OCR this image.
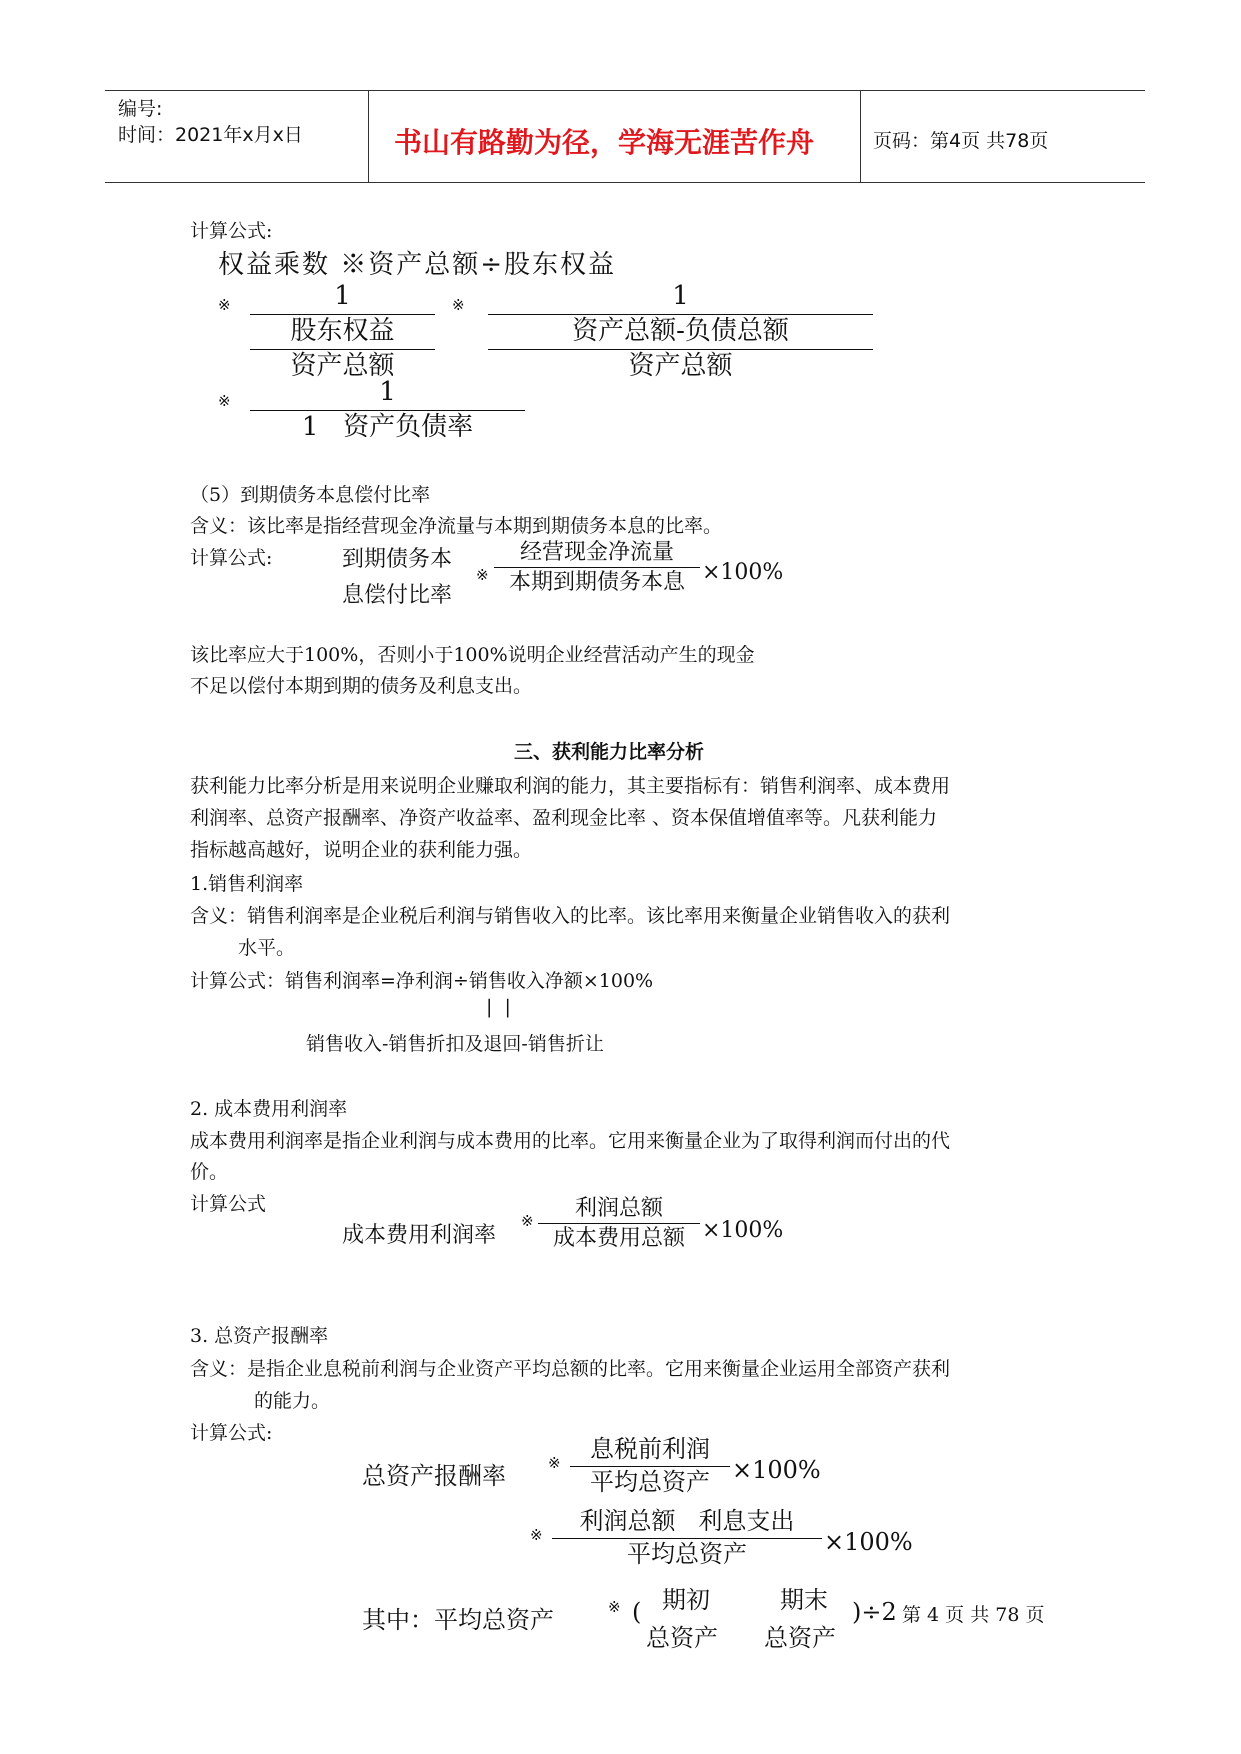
编号:
时间：2021年x月x日	书山有路勤为径，学海无涯苦作舟	页码：第4页 共78页
计算公式:
权益乘数 ※资产总额÷股东权益
※	1
股东权益
资产总额
※	1
资产总额-负债总额
资产总额
※	1
1   资产负债率
（5）到期债务本息偿付比率
含义：该比率是指经营现金净流量与本期到期债务本息的比率。
计算公式:	到期债务本
息偿付比率
※
经营现金净流量
本期到期债务本息 ×100%
该比率应大于100%，否则小于100%说明企业经营活动产生的现金
不足以偿付本期到期的债务及利息支出。
三、获利能力比率分析
获利能力比率分析是用来说明企业赚取利润的能力，其主要指标有：销售利润率、成本费用
利润率、总资产报酬率、净资产收益率、盈利现金比率 、资本保值增值率等。凡获利能力
指标越高越好，说明企业的获利能力强。
1.销售利润率
含义：销售利润率是企业税后利润与销售收入的比率。该比率用来衡量企业销售收入的获利
水平。
计算公式：销售利润率=净利润÷销售收入净额×100%
|  |
销售收入-销售折扣及退回-销售折让
2. 成本费用利润率
成本费用利润率是指企业利润与成本费用的比率。它用来衡量企业为了取得利润而付出的代
价。
计算公式
成本费用利润率
※ 利润总额
成本费用总额 ×100%
3. 总资产报酬率
含义：是指企业息税前利润与企业资产平均总额的比率。它用来衡量企业运用全部资产获利
的能力。
计算公式:
总资产报酬率	※ 息税前利润
平均总资产 ×100%
※ 利润总额   利息支出
平均总资产	×100%
其中：平均总资产	※ ( 期初
总资产
期末
总资产
)÷2 第 4 页 共 78 页
